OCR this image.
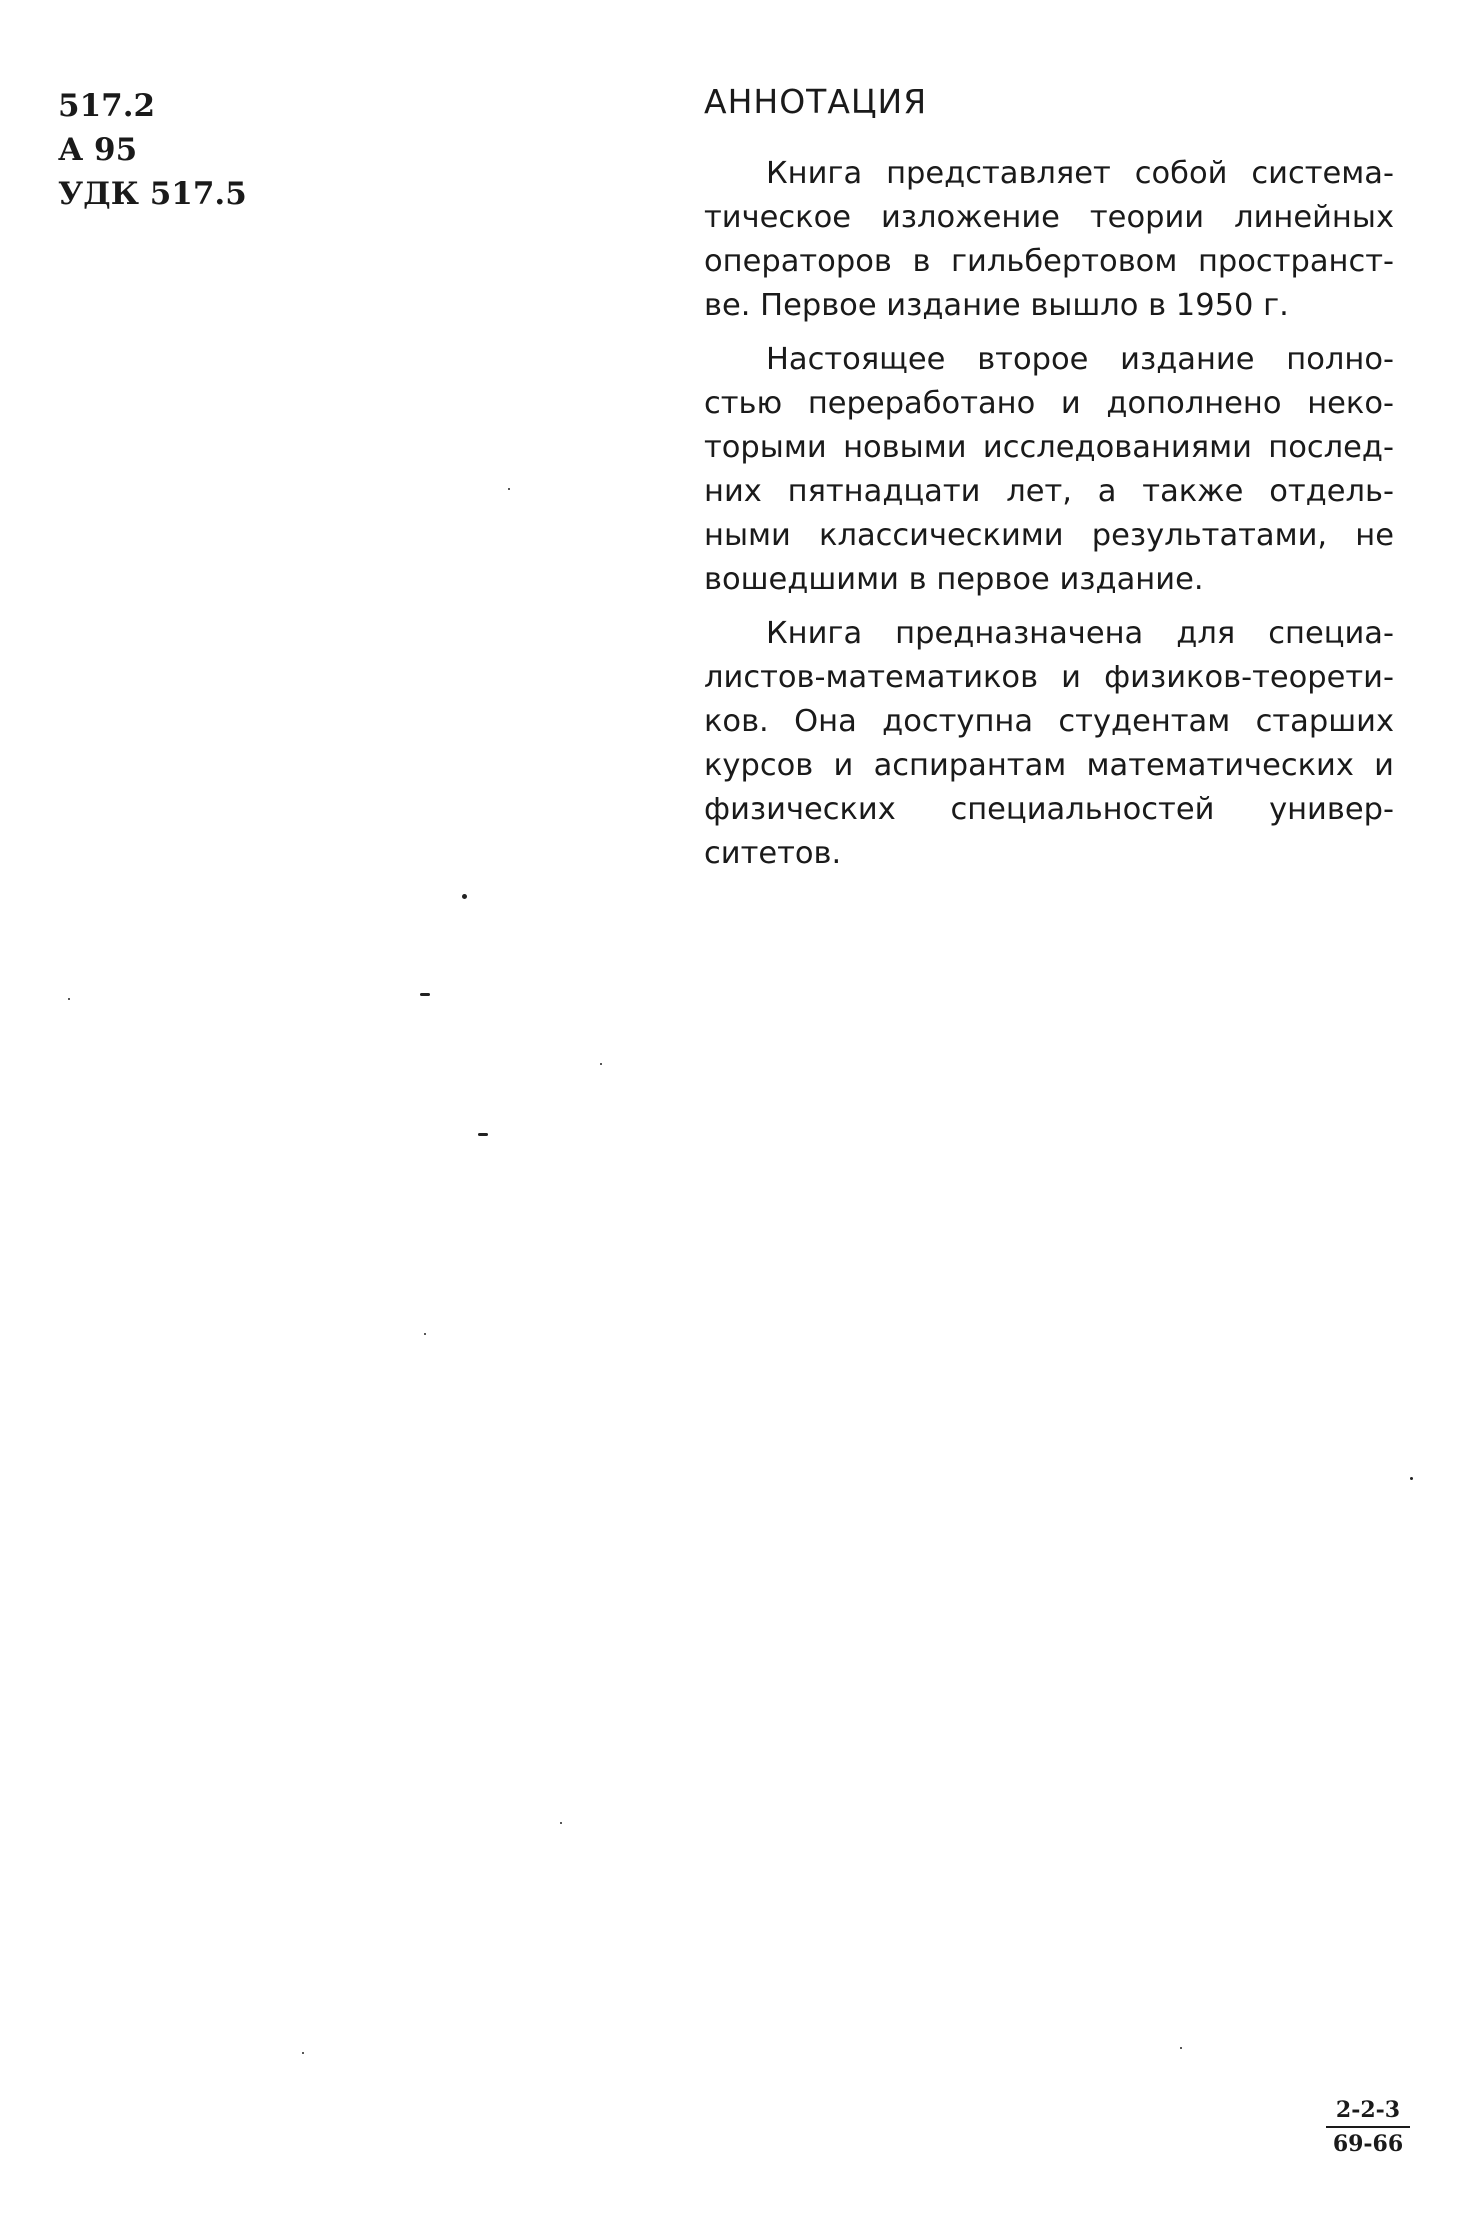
517.2
А 95
УДК 517.5
АННОТАЦИЯ

Книга представляет собой система-тическое изложение теории линейных операторов в гильбертовом пространст-ве. Первое издание вышло в 1950 г.

Настоящее второе издание полно-стью переработано и дополнено неко-торыми новыми исследованиями послед-них пятнадцати лет, а также отдель-ными классическими результатами, не вошедшими в первое издание.

Книга предназначена для специа-листов-математиков и физиков-теорети-ков. Она доступна студентам старших курсов и аспирантам математических и физических специальностей универ-ситетов.

2-2-3
69-66
